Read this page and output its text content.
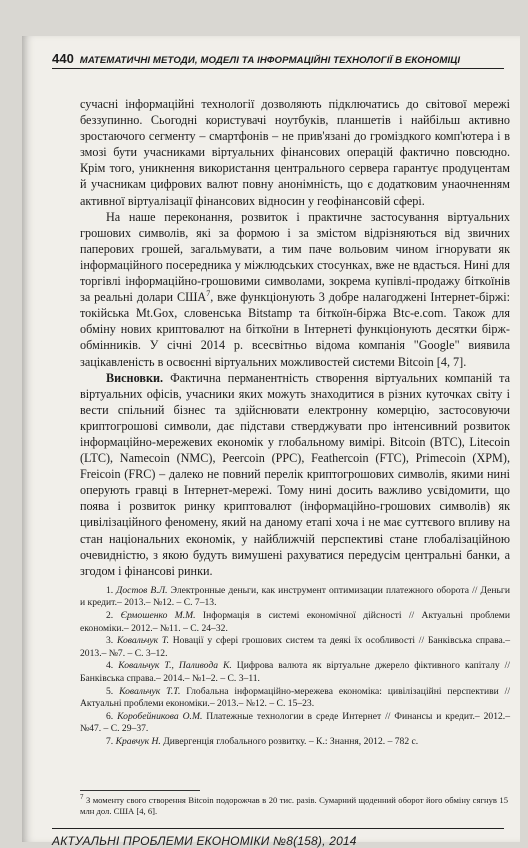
440 МАТЕМАТИЧНІ МЕТОДИ, МОДЕЛІ ТА ІНФОРМАЦІЙНІ ТЕХНОЛОГІЇ В ЕКОНОМІЦІ

сучасні інформаційні технології дозволяють підключатись до світової мережі беззупинно. Сьогодні користувачі ноутбуків, планшетів і найбільш активно зростаючого сегменту – смартфонів – не прив'язані до громіздкого комп'ютера і в змозі бути учасниками віртуальних фінансових операцій фактично повсюдно. Крім того, уникнення використання центрального сервера гарантує продуцентам й учасникам цифрових валют повну анонімність, що є додатковим унаочненням активної віртуалізації фінансових відносин у геофінансовій сфері.

На наше переконання, розвиток і практичне застосування віртуальних грошових символів, які за формою і за змістом відрізняються від звичних паперових грошей, загальмувати, а тим паче вольовим чином ігнорувати як інформаційного посередника у міжлюдських стосунках, вже не вдасться. Нині для торгівлі інформаційно-грошовими символами, зокрема купівлі-продажу біткоїнів за реальні долари США$^7$, вже функціонують 3 добре налагоджені Інтернет-біржі: токійська Mt.Gox, словенська Bitstamp та біткоїн-біржа Btc-e.com. Також для обміну нових криптовалют на біткоїни в Інтернеті функціонують десятки бірж-обмінників. У січні 2014 р. всесвітньо відома компанія "Google" виявила зацікавленість в освоєнні віртуальних можливостей системи Bitcoin [4, 7].

Висновки. Фактична перманентність створення віртуальних компаній та віртуальних офісів, учасники яких можуть знаходитися в різних куточках світу і вести спільний бізнес та здійснювати електронну комерцію, застосовуючи криптогрошові символи, дає підстави стверджувати про інтенсивний розвиток інформаційно-мережевих економік у глобальному вимірі. Bitcoin (BTC), Litecoin (LTC), Namecoin (NMC), Peercoin (PPC), Feathercoin (FTC), Primecoin (XPM), Freicoin (FRC) – далеко не повний перелік криптогрошових символів, якими нині оперують гравці в Інтернет-мережі. Тому нині досить важливо усвідомити, що поява і розвиток ринку криптовалют (інформаційно-грошових символів) як цивілізаційного феномену, який на даному етапі хоча і не має суттєвого впливу на стан національних економік, у найближчій перспективі стане глобалізаційною очевидністю, з якою будуть вимушені рахуватися передусім центральні банки, а згодом і фінансові ринки.

1. Достов В.Л. Электронные деньги, как инструмент оптимизации платежного оборота // Деньги и кредит.– 2013.– №12. – С. 7–13.

2. Єрмошенко М.М. Інформація в системі економічної дійсності // Актуальні проблеми економіки.– 2012.– №11. – С. 24–32.

3. Ковальчук Т. Новації у сфері грошових систем та деякі їх особливості // Банківська справа.– 2013.– №7. – С. 3–12.

4. Ковальчук Т., Паливода К. Цифрова валюта як віртуальне джерело фіктивного капіталу // Банківська справа.– 2014.– №1–2. – С. 3–11.

5. Ковальчук Т.Т. Глобальна інформаційно-мережева економіка: цивілізаційні перспективи // Актуальні проблеми економіки.– 2013.– №12. – С. 15–23.

6. Коробейникова О.М. Платежные технологии в среде Интернет // Финансы и кредит.– 2012.– №47. – С. 29–37.

7. Кравчук Н. Дивергенція глобального розвитку. – К.: Знання, 2012. – 782 с.

$^7$ З моменту свого створення Bitcoin подорожчав в 20 тис. разів. Сумарний щоденний оборот його обміну сягнув 15 млн дол. США [4, 6].
АКТУАЛЬНІ ПРОБЛЕМИ ЕКОНОМІКИ №8(158), 2014
